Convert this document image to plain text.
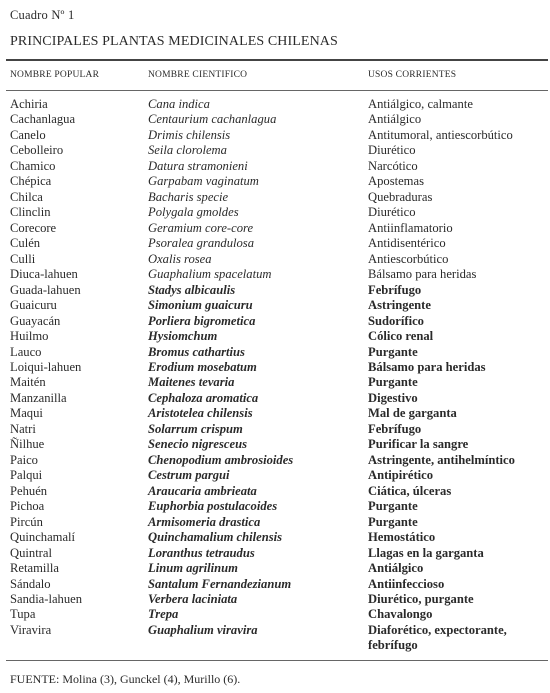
Cuadro Nº 1
PRINCIPALES PLANTAS MEDICINALES CHILENAS
NOMBRE POPULAR	NOMBRE CIENTIFICO	USOS CORRIENTES
Achiria	Cana indica	Antiálgico, calmante
Cachanlagua	Centaurium cachanlagua	Antiálgico
Canelo	Drimis chilensis	Antitumoral, antiescorbútico
Cebolleiro	Seila clorolema	Diurético
Chamico	Datura stramonieni	Narcótico
Chépica	Garpabam vaginatum	Apostemas
Chilca	Bacharis specie	Quebraduras
Clinclin	Polygala gmoldes	Diurético
Corecore	Geramium core-core	Antiinflamatorio
Culén	Psoralea grandulosa	Antidisentérico
Culli	Oxalis rosea	Antiescorbútico
Diuca-lahuen	Guaphalium spacelatum	Bálsamo para heridas
Guada-lahuen	Stadys albicaulis	Febrífugo
Guaicuru	Simonium guaicuru	Astringente
Guayacán	Porliera bigrometica	Sudorífico
Huilmo	Hysiomchum	Cólico renal
Lauco	Bromus cathartius	Purgante
Loiqui-lahuen	Erodium mosebatum	Bálsamo para heridas
Maitén	Maitenes tevaria	Purgante
Manzanilla	Cephaloza aromatica	Digestivo
Maqui	Aristotelea chilensis	Mal de garganta
Natri	Solarrum crispum	Febrífugo
Ñilhue	Senecio nigresceus	Purificar la sangre
Paico	Chenopodium ambrosioides	Astringente, antihelmíntico
Palqui	Cestrum pargui	Antipirético
Pehuén	Araucaria ambrieata	Ciática, úlceras
Pichoa	Euphorbia postulacoides	Purgante
Pircún	Armisomeria drastica	Purgante
Quinchamalí	Quinchamalium chilensis	Hemostático
Quintral	Loranthus tetraudus	Llagas en la garganta
Retamilla	Linum agrilinum	Antiálgico
Sándalo	Santalum Fernandezianum	Antiinfeccioso
Sandia-lahuen	Verbera laciniata	Diurético, purgante
Tupa	Trepa	Chavalongo
Viravira	Guaphalium viravira	Diaforético, expectorante, febrífugo
FUENTE: Molina (3), Gunckel (4), Murillo (6).
